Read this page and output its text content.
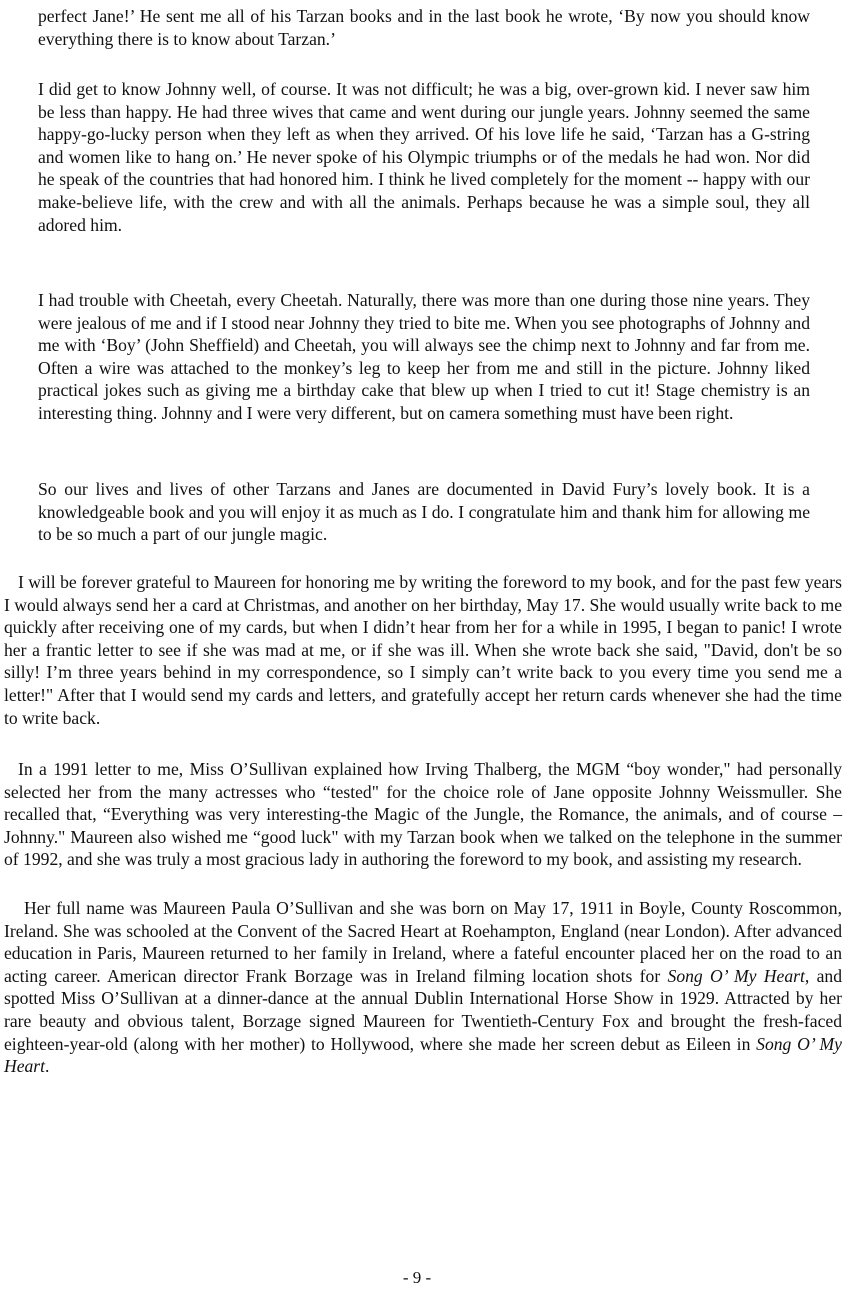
perfect Jane!’ He sent me all of his Tarzan books and in the last book he wrote, ‘By now you should know everything there is to know about Tarzan.’

I did get to know Johnny well, of course. It was not difficult; he was a big, over-grown kid. I never saw him be less than happy. He had three wives that came and went during our jungle years. Johnny seemed the same happy-go-lucky person when they left as when they arrived. Of his love life he said, ‘Tarzan has a G-string and women like to hang on.’ He never spoke of his Olympic triumphs or of the medals he had won. Nor did he speak of the countries that had honored him. I think he lived completely for the moment -- happy with our make-believe life, with the crew and with all the animals. Perhaps because he was a simple soul, they all adored him.

I had trouble with Cheetah, every Cheetah. Naturally, there was more than one during those nine years. They were jealous of me and if I stood near Johnny they tried to bite me. When you see photographs of Johnny and me with ‘Boy’ (John Sheffield) and Cheetah, you will always see the chimp next to Johnny and far from me. Often a wire was attached to the monkey’s leg to keep her from me and still in the picture. Johnny liked practical jokes such as giving me a birthday cake that blew up when I tried to cut it! Stage chemistry is an interesting thing. Johnny and I were very different, but on camera something must have been right.

So our lives and lives of other Tarzans and Janes are documented in David Fury’s lovely book. It is a knowledgeable book and you will enjoy it as much as I do. I congratulate him and thank him for allowing me to be so much a part of our jungle magic.

I will be forever grateful to Maureen for honoring me by writing the foreword to my book, and for the past few years I would always send her a card at Christmas, and another on her birthday, May 17. She would usually write back to me quickly after receiving one of my cards, but when I didn’t hear from her for a while in 1995, I began to panic! I wrote her a frantic letter to see if she was mad at me, or if she was ill. When she wrote back she said, "David, don't be so silly! I’m three years behind in my correspondence, so I simply can’t write back to you every time you send me a letter!" After that I would send my cards and letters, and gratefully accept her return cards whenever she had the time to write back.

In a 1991 letter to me, Miss O’Sullivan explained how Irving Thalberg, the MGM “boy wonder," had personally selected her from the many actresses who “tested" for the choice role of Jane opposite Johnny Weissmuller. She recalled that, “Everything was very interesting-the Magic of the Jungle, the Romance, the animals, and of course – Johnny." Maureen also wished me “good luck" with my Tarzan book when we talked on the telephone in the summer of 1992, and she was truly a most gracious lady in authoring the foreword to my book, and assisting my research.

Her full name was Maureen Paula O’Sullivan and she was born on May 17, 1911 in Boyle, County Roscommon, Ireland. She was schooled at the Convent of the Sacred Heart at Roehampton, England (near London). After advanced education in Paris, Maureen returned to her family in Ireland, where a fateful encounter placed her on the road to an acting career. American director Frank Borzage was in Ireland filming location shots for Song O’ My Heart, and spotted Miss O’Sullivan at a dinner-dance at the annual Dublin International Horse Show in 1929. Attracted by her rare beauty and obvious talent, Borzage signed Maureen for Twentieth-Century Fox and brought the fresh-faced eighteen-year-old (along with her mother) to Hollywood, where she made her screen debut as Eileen in Song O’ My Heart.

- 9 -
